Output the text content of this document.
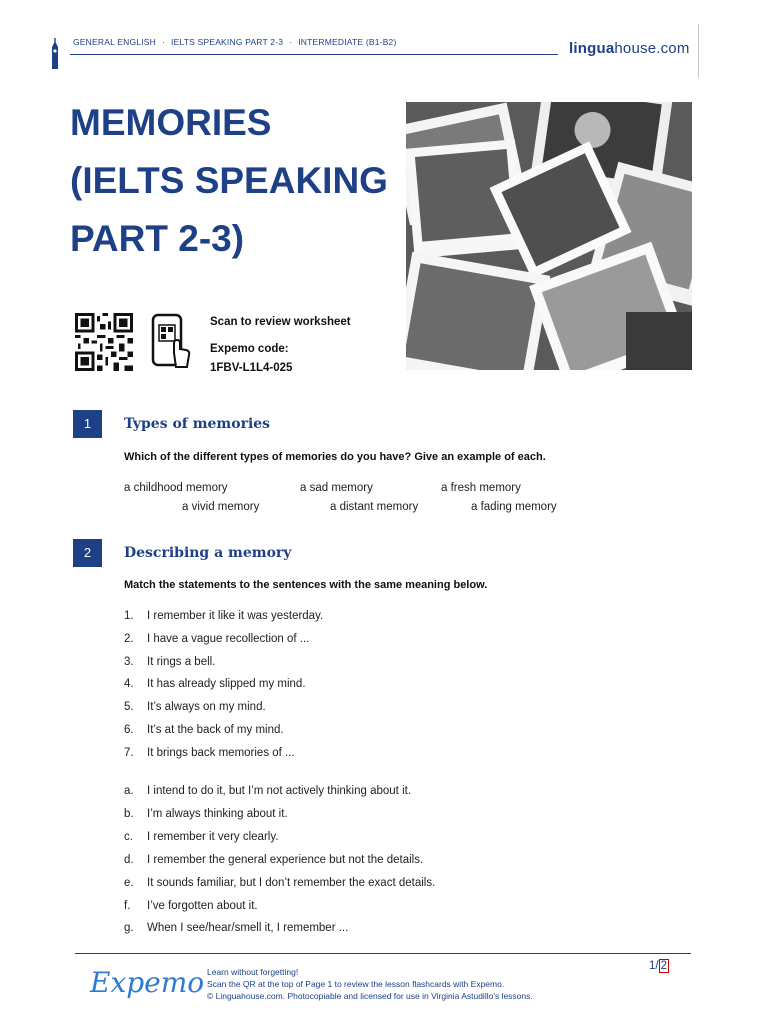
GENERAL ENGLISH · IELTS SPEAKING PART 2-3 · INTERMEDIATE (B1-B2)	linguahouse.com
MEMORIES
(IELTS SPEAKING
PART 2-3)
Scan to review worksheet
Expemo code:
1FBV-L1L4-025
1	Types of memories
Which of the different types of memories do you have? Give an example of each.
a childhood memory	a sad memory	a fresh memory
a vivid memory	a distant memory	a fading memory
2	Describing a memory
Match the statements to the sentences with the same meaning below.
1. I remember it like it was yesterday.
2. I have a vague recollection of ...
3. It rings a bell.
4. It has already slipped my mind.
5. It’s always on my mind.
6. It’s at the back of my mind.
7. It brings back memories of ...
a. I intend to do it, but I’m not actively thinking about it.
b. I’m always thinking about it.
c. I remember it very clearly.
d. I remember the general experience but not the details.
e. It sounds familiar, but I don’t remember the exact details.
f. I’ve forgotten about it.
g. When I see/hear/smell it, I remember ...
Expemo Learn without forgetting!
Scan the QR at the top of Page 1 to review the lesson flashcards with Expemo.
© Linguahouse.com. Photocopiable and licensed for use in Virginia Astudillo's lessons.
1/ 2
